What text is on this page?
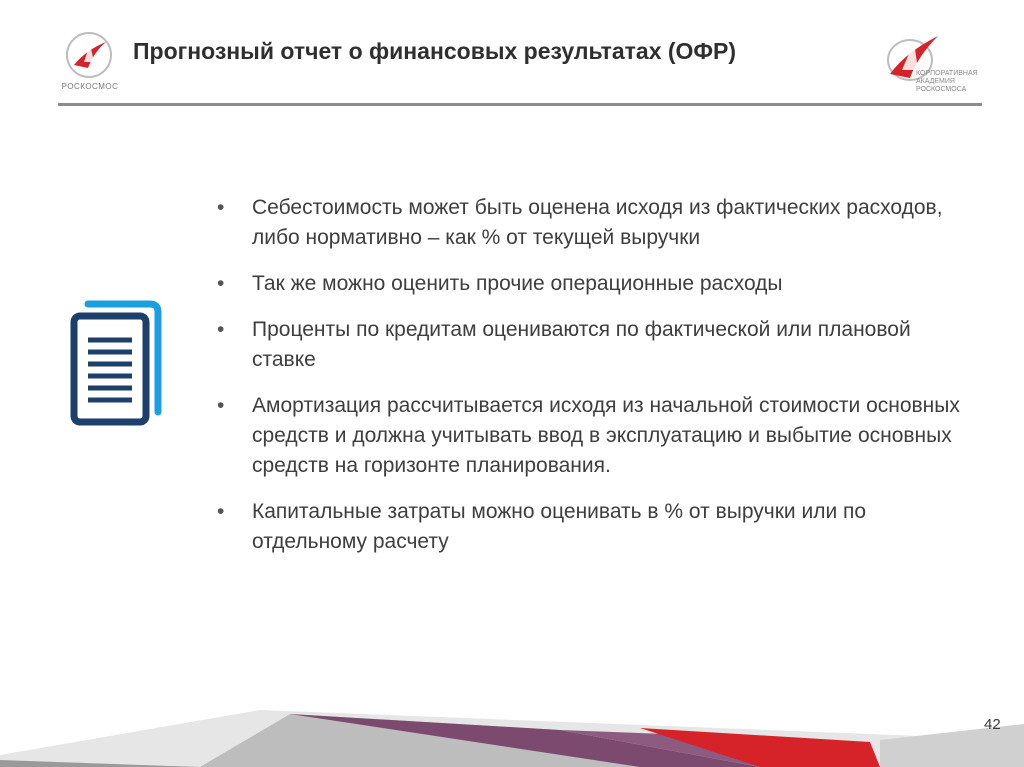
РОСКОСМОС
Прогнозный отчет о финансовых результатах (ОФР)
КОРПОРАТИВНАЯ АКАДЕМИЯ РОСКОСМОСА
• Себестоимость может быть оценена исходя из фактических расходов, либо нормативно – как % от текущей выручки
• Так же можно оценить прочие операционные расходы
• Проценты по кредитам оцениваются по фактической или плановой ставке
• Амортизация рассчитывается исходя из начальной стоимости основных средств и должна учитывать ввод в эксплуатацию и выбытие основных средств на горизонте планирования.
• Капитальные затраты можно оценивать в % от выручки или по отдельному расчету
42
